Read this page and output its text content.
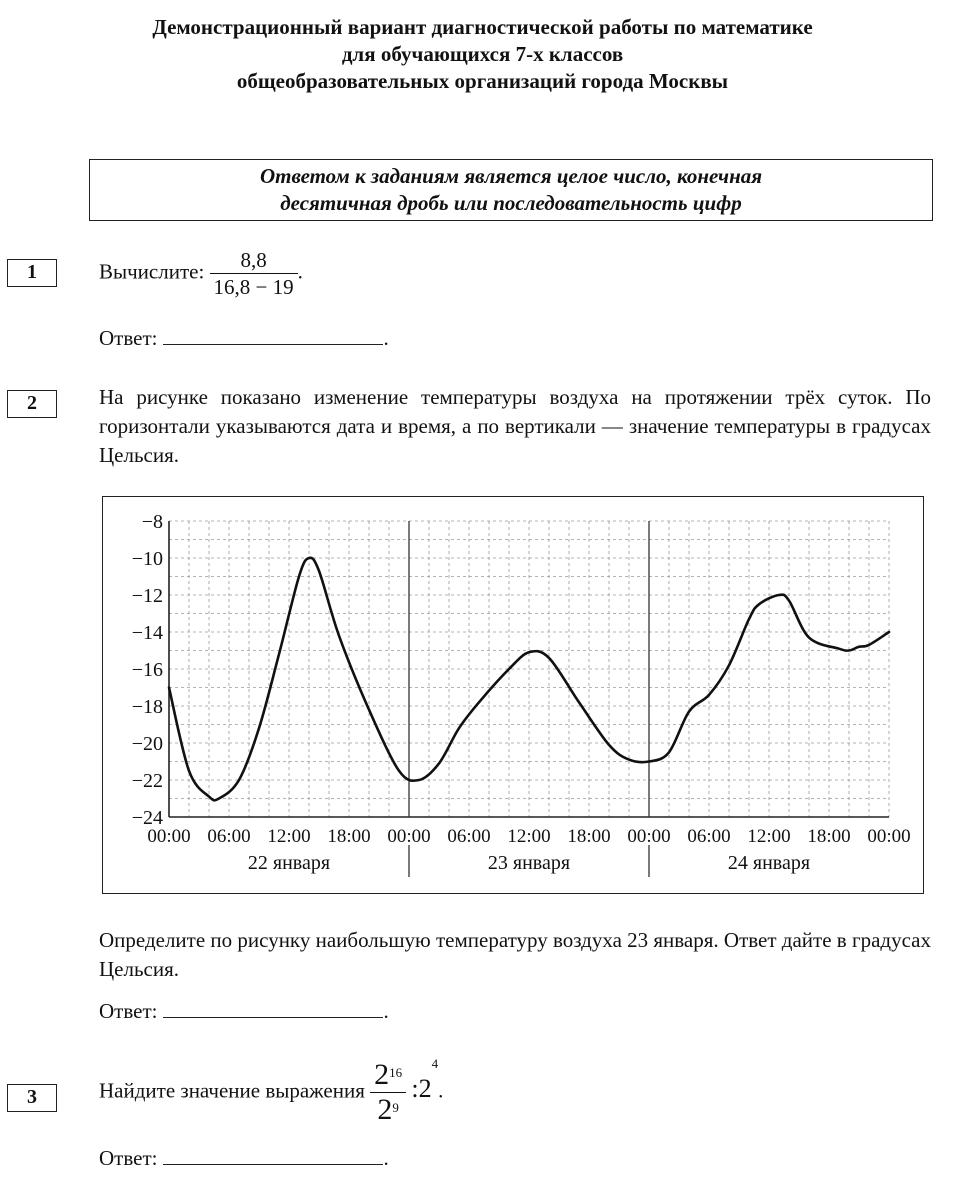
Демонстрационный вариант диагностической работы по математике
для обучающихся 7-х классов
общеобразовательных организаций города Москвы
Ответом к заданиям является целое число, конечная
десятичная дробь или последовательность цифр
1	Вычислите: $\frac{8,8}{16,8 - 19}$ .
Ответ:	.
2	На рисунке показано изменение температуры воздуха на протяжении трёх суток. По горизонтали указываются дата и время, а по вертикали — значение температуры в градусах Цельсия.
−8
−10
−12
−14
−16
−18
−20
−22
−24
00:00 06:00 12:00 18:00 00:00 06:00 12:00 18:00 00:00 06:00 12:00 18:00 00:00
22 января	23 января	24 января
Определите по рисунку наибольшую температуру воздуха 23 января. Ответ дайте в градусах Цельсия.
Ответ:	.
3	Найдите значение выражения $\frac{2^{16}}{2^9}$ $:2^4$.
Ответ:	.
